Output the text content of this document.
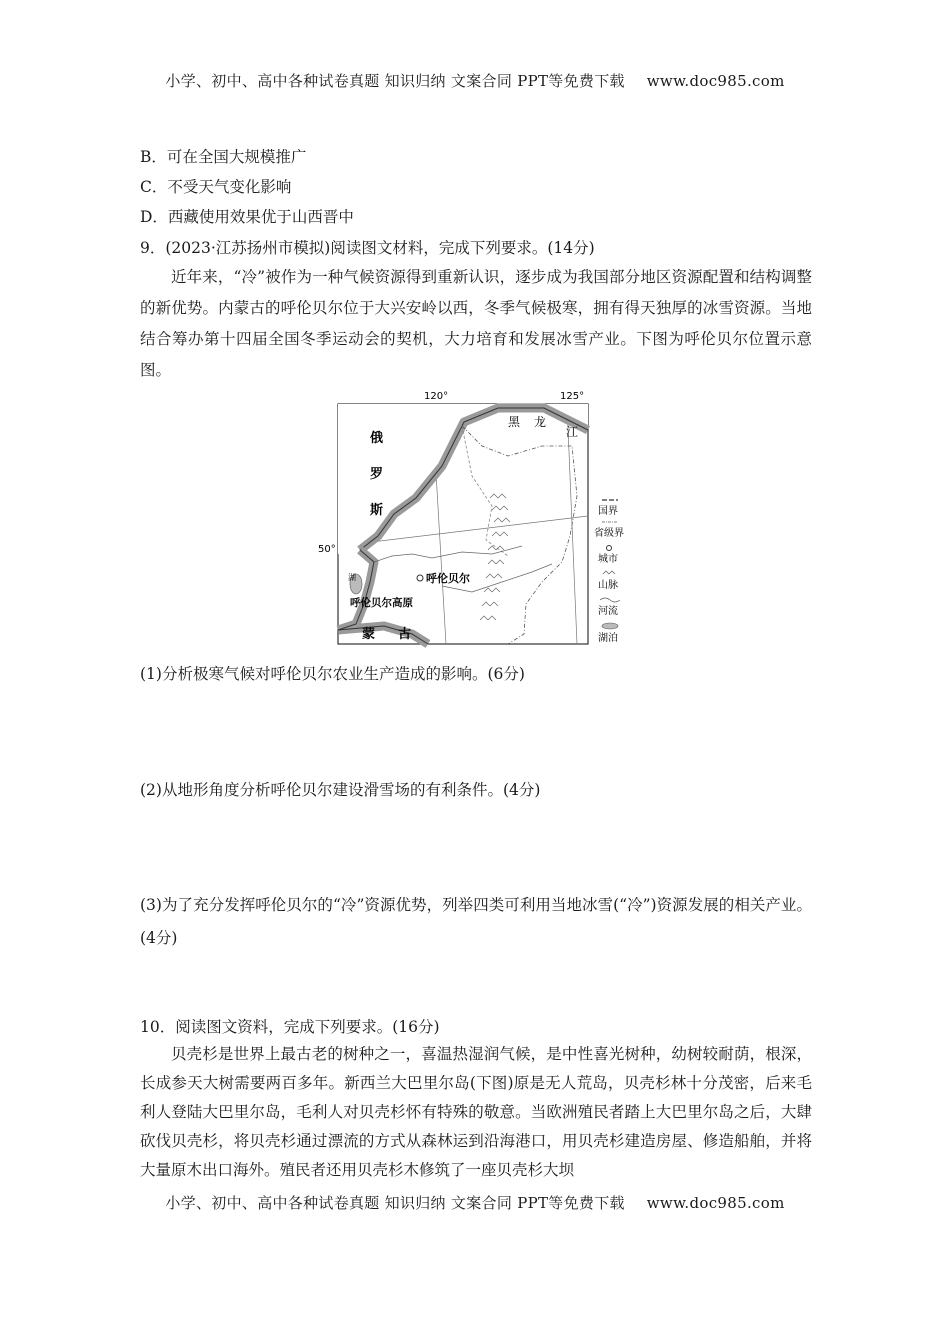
小学、初中、高中各种试卷真题 知识归纳 文案合同 PPT等免费下载 www.doc985.com
B．可在全国大规模推广
C．不受天气变化影响
D．西藏使用效果优于山西晋中
9．(2023·江苏扬州市模拟)阅读图文材料，完成下列要求。(14分)
近年来，“冷”被作为一种气候资源得到重新认识，逐步成为我国部分地区资源配置和结构调整的新优势。内蒙古的呼伦贝尔位于大兴安岭以西，冬季气候极寒，拥有得天独厚的冰雪资源。当地结合筹办第十四届全国冬季运动会的契机，大力培育和发展冰雪产业。下图为呼伦贝尔位置示意图。
120°	125°
50°
俄
罗
斯
黑 龙
江
呼伦贝尔
呼伦贝尔高原
湖
蒙 古
国界
省级界
城市
山脉
河流
湖泊
(1)分析极寒气候对呼伦贝尔农业生产造成的影响。(6分)
(2)从地形角度分析呼伦贝尔建设滑雪场的有利条件。(4分)
(3)为了充分发挥呼伦贝尔的“冷”资源优势，列举四类可利用当地冰雪(“冷”)资源发展的相关产业。(4分)
10．阅读图文资料，完成下列要求。(16分)
贝壳杉是世界上最古老的树种之一，喜温热湿润气候，是中性喜光树种，幼树较耐荫，根深，长成参天大树需要两百多年。新西兰大巴里尔岛(下图)原是无人荒岛，贝壳杉林十分茂密，后来毛利人登陆大巴里尔岛，毛利人对贝壳杉怀有特殊的敬意。当欧洲殖民者踏上大巴里尔岛之后，大肆砍伐贝壳杉，将贝壳杉通过漂流的方式从森林运到沿海港口，用贝壳杉建造房屋、修造船舶，并将大量原木出口海外。殖民者还用贝壳杉木修筑了一座贝壳杉大坝
小学、初中、高中各种试卷真题 知识归纳 文案合同 PPT等免费下载 www.doc985.com
